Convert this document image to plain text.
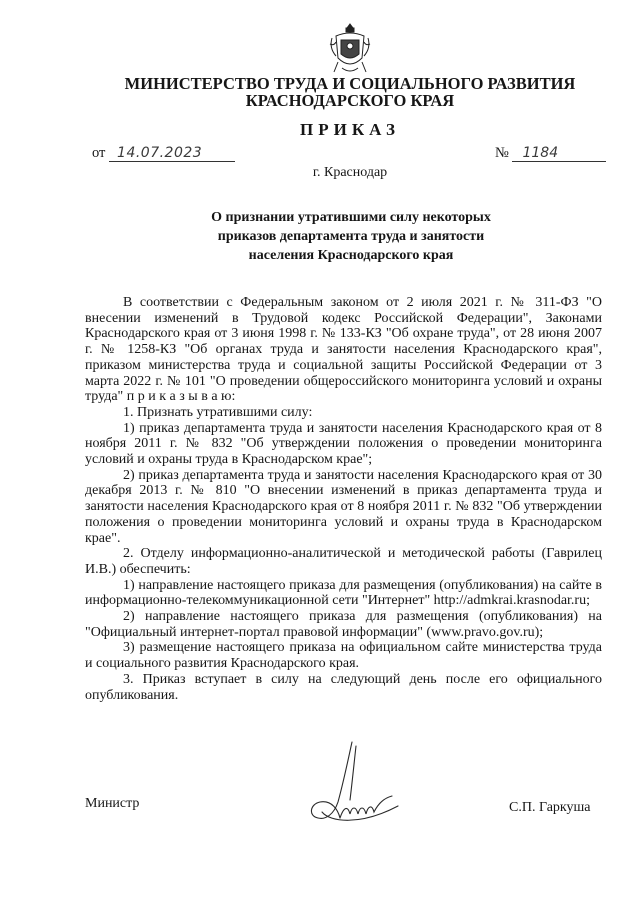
МИНИСТЕРСТВО ТРУДА И СОЦИАЛЬНОГО РАЗВИТИЯ
КРАСНОДАРСКОГО КРАЯ
ПРИКАЗ
от 14.07.2023	№ 1184
г. Краснодар
О признании утратившими силу некоторых
приказов департамента труда и занятости
населения Краснодарского края

В соответствии с Федеральным законом от 2 июля 2021 г. № 311-ФЗ "О внесении изменений в Трудовой кодекс Российской Федерации", Законами Краснодарского края от 3 июня 1998 г. № 133-КЗ "Об охране труда", от 28 июня 2007 г. № 1258-КЗ "Об органах труда и занятости населения Краснодарского края", приказом министерства труда и социальной защиты Российской Федерации от 3 марта 2022 г. № 101 "О проведении общероссийского мониторинга условий и охраны труда" п р и к а з ы в а ю:

1. Признать утратившими силу:

1) приказ департамента труда и занятости населения Краснодарского края от 8 ноября 2011 г. № 832 "Об утверждении положения о проведении мониторинга условий и охраны труда в Краснодарском крае";

2) приказ департамента труда и занятости населения Краснодарского края от 30 декабря 2013 г. № 810 "О внесении изменений в приказ департамента труда и занятости населения Краснодарского края от 8 ноября 2011 г. № 832 "Об утверждении положения о проведении мониторинга условий и охраны труда в Краснодарском крае".

2. Отделу информационно-аналитической и методической работы (Гаврилец И.В.) обеспечить:

1) направление настоящего приказа для размещения (опубликования) на сайте в информационно-телекоммуникационной сети "Интернет" http://admkrai.krasnodar.ru;

2) направление настоящего приказа для размещения (опубликования) на "Официальный интернет-портал правовой информации" (www.pravo.gov.ru);

3) размещение настоящего приказа на официальном сайте министерства труда и социального развития Краснодарского края.

3. Приказ вступает в силу на следующий день после его официального опубликования.

Министр	С.П. Гаркуша
